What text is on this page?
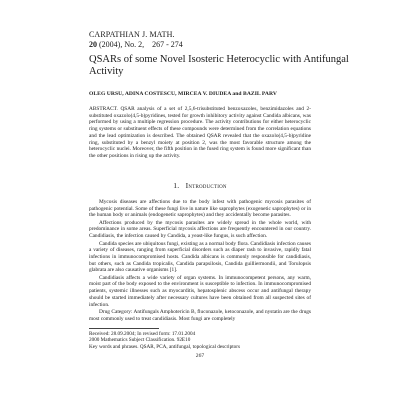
CARPATHIAN J. MATH.
20 (2004), No. 2, 267 - 274
QSARs of some Novel Isosteric Heterocyclic with Antifungal Activity
OLEG URSU, ADINA COSTESCU, MIRCEA V. DIUDEA and BAZIL PARV
ABSTRACT. QSAR analysis of a set of 2,5,6-trisubstituted benzoxazoles, benzimidazoles and 2-substituted oxazolo(4,5-b)pyridines, tested for growth inhibitory activity against Candida albicans, was performed by using a multiple regression procedure. The activity contributions for either heterocyclic ring systems or substituent effects of these compounds were determined from the correlation equations and the lead optimization is described. The obtained QSAR revealed that the oxazolo(4,5-b)pyridine ring, substituted by a benzyl moiety at position 2, was the most favorable structure among the heterocyclic nuclei. Moreover, the fifth position in the fused ring system is found more significant than the other positions in rising up the activity.
1. Introduction

Mycosis diseases are affections due to the body infest with pathogenic mycosis parasites of pathogenic potential. Some of these fungi live in nature like saprophytes (exogenetic saprophytes) or in the human body or animals (endogenetic saprophytes) and they accidentally become parasites.

Affections produced by the mycosis parasites are widely spread in the whole world, with predominance in some areas. Superficial mycosis affections are frequently encountered in our country. Candidiasis, the infection caused by Candida, a yeast-like fungus, is such affection.

Candida species are ubiquitous fungi, existing as a normal body flora. Candidiasis infection causes a variety of diseases, ranging from superficial disorders such as diaper rash to invasive, rapidly fatal infections in immunocompromised hosts. Candida albicans is commonly responsible for candidiasis, but others, such as Candida tropicalis, Candida parapsilosis, Candida guilliermondii, and Torulopsis glabrata are also causative organisms [1].

Candidiasis affects a wide variety of organ systems. In immunocompetent persons, any warm, moist part of the body exposed to the environment is susceptible to infection. In immunocompromised patients, systemic illnesses such as myocarditis, hepatosplenic abscess occur and antifungal therapy should be started immediately after necessary cultures have been obtained from all suspected sites of infection.

Drug Category: Antifungals Amphotericin B, fluconazole, ketoconazole, and nystatin are the drugs most commonly used to treat candidiasis. Most fungi are completely

Received: 28.09.2004; In revised form: 17.01.2004
2000 Mathematics Subject Classification. 92E10
Key words and phrases. QSAR, PCA, antifungal, topological descriptors
267
